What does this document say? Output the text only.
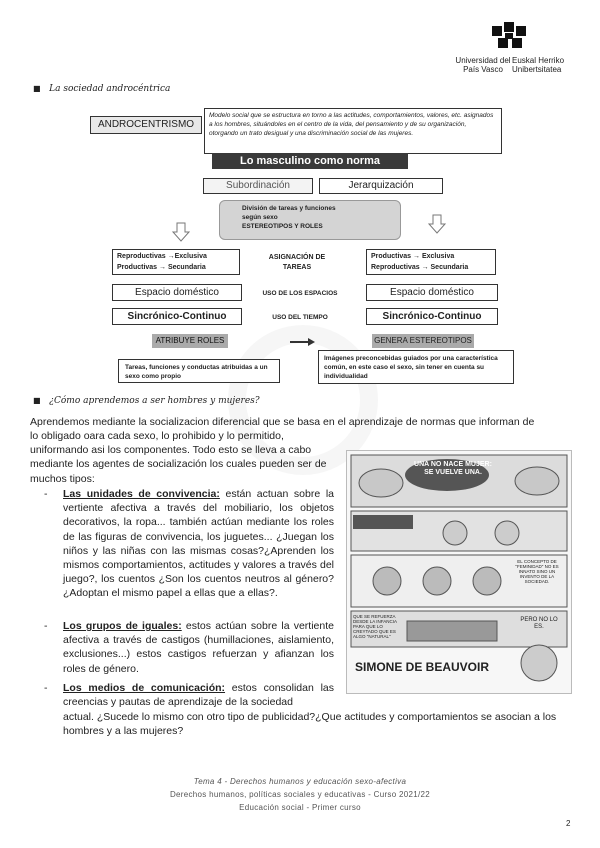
Universidad del País Vasco
Euskal Herriko Unibertsitatea
■ La sociedad androcéntrica
ANDROCENTRISMO
Modelo social que se estructura en torno a las actitudes, comportamientos, valores, etc. asignados a los hombres, situándoles en el centro de la vida, del pensamiento y de su organización, otorgando un trato desigual y una discriminación social de las mujeres.
Lo masculino como norma
Subordinación	Jerarquización
División de tareas y funciones
según sexo
ESTEREOTIPOS Y ROLES
Reproductivas →Exclusiva
Productivas → Secundaria
ASIGNACIÓN DE TAREAS
Productivas → Exclusiva
Reproductivas → Secundaria
Espacio doméstico	USO DE LOS ESPACIOS	Espacio doméstico
Sincrónico-Continuo	USO DEL TIEMPO	Sincrónico-Continuo
ATRIBUYE ROLES	GENERA ESTEREOTIPOS
Tareas, funciones y conductas atribuidas a un sexo como propio
Imágenes preconcebidas guiados por una característica común, en este caso el sexo, sin tener en cuenta su individualidad
■ ¿Cómo aprendemos a ser hombres y mujeres?
Aprendemos mediante la socializacion diferencial que se basa en el aprendizaje de normas que informan de
lo obligado oara cada sexo, lo prohibido y lo permitido, uniformando asi los componentes. Todo esto se lleva a cabo mediante los agentes de socialización los cuales pueden ser de muchos tipos:
- Las unidades de convivencia: están actuan sobre la vertiente afectiva a través del mobiliario, los objetos decorativos, la ropa... también actúan mediante los roles de las figuras de convivencia, los juguetes... ¿Juegan los niños y las niñas con las mismas cosas?¿Aprenden los mismos comportamientos, actitudes y valores a través del juego?, los cuentos ¿Son los cuentos neutros al género? ¿Adoptan el mismo papel a ellas que a ellas?.
- Los grupos de iguales: estos actúan sobre la vertiente afectiva a través de castigos (humillaciones, aislamiento, exclusiones...) estos castigos refuerzan y afianzan los roles de género.
- Los medios de comunicación: estos consolidan las creencias y pautas de aprendizaje de la sociedad
actual. ¿Sucede lo mismo con otro tipo de publicidad?¿Que actitudes y comportamientos se asocian a los hombres y a las mujeres?
UNA NO NACE MUJER: SE VUELVE UNA.
EL CONCEPTO DE "FEMINIDAD" NO ES INNATO SINO UN INVENTO DE LA SOCIEDAD.
QUE SE REFUERZA DESDE LA INFANCIA PARA QUE LO CREYTADO QUE ES ALGO "NATURAL"
PERO NO LO ES.
SIMONE DE BEAUVOIR
Tema 4 - Derechos humanos y educación sexo-afectiva
Derechos humanos, políticas sociales y educativas - Curso 2021/22
Educación social - Primer curso
2
